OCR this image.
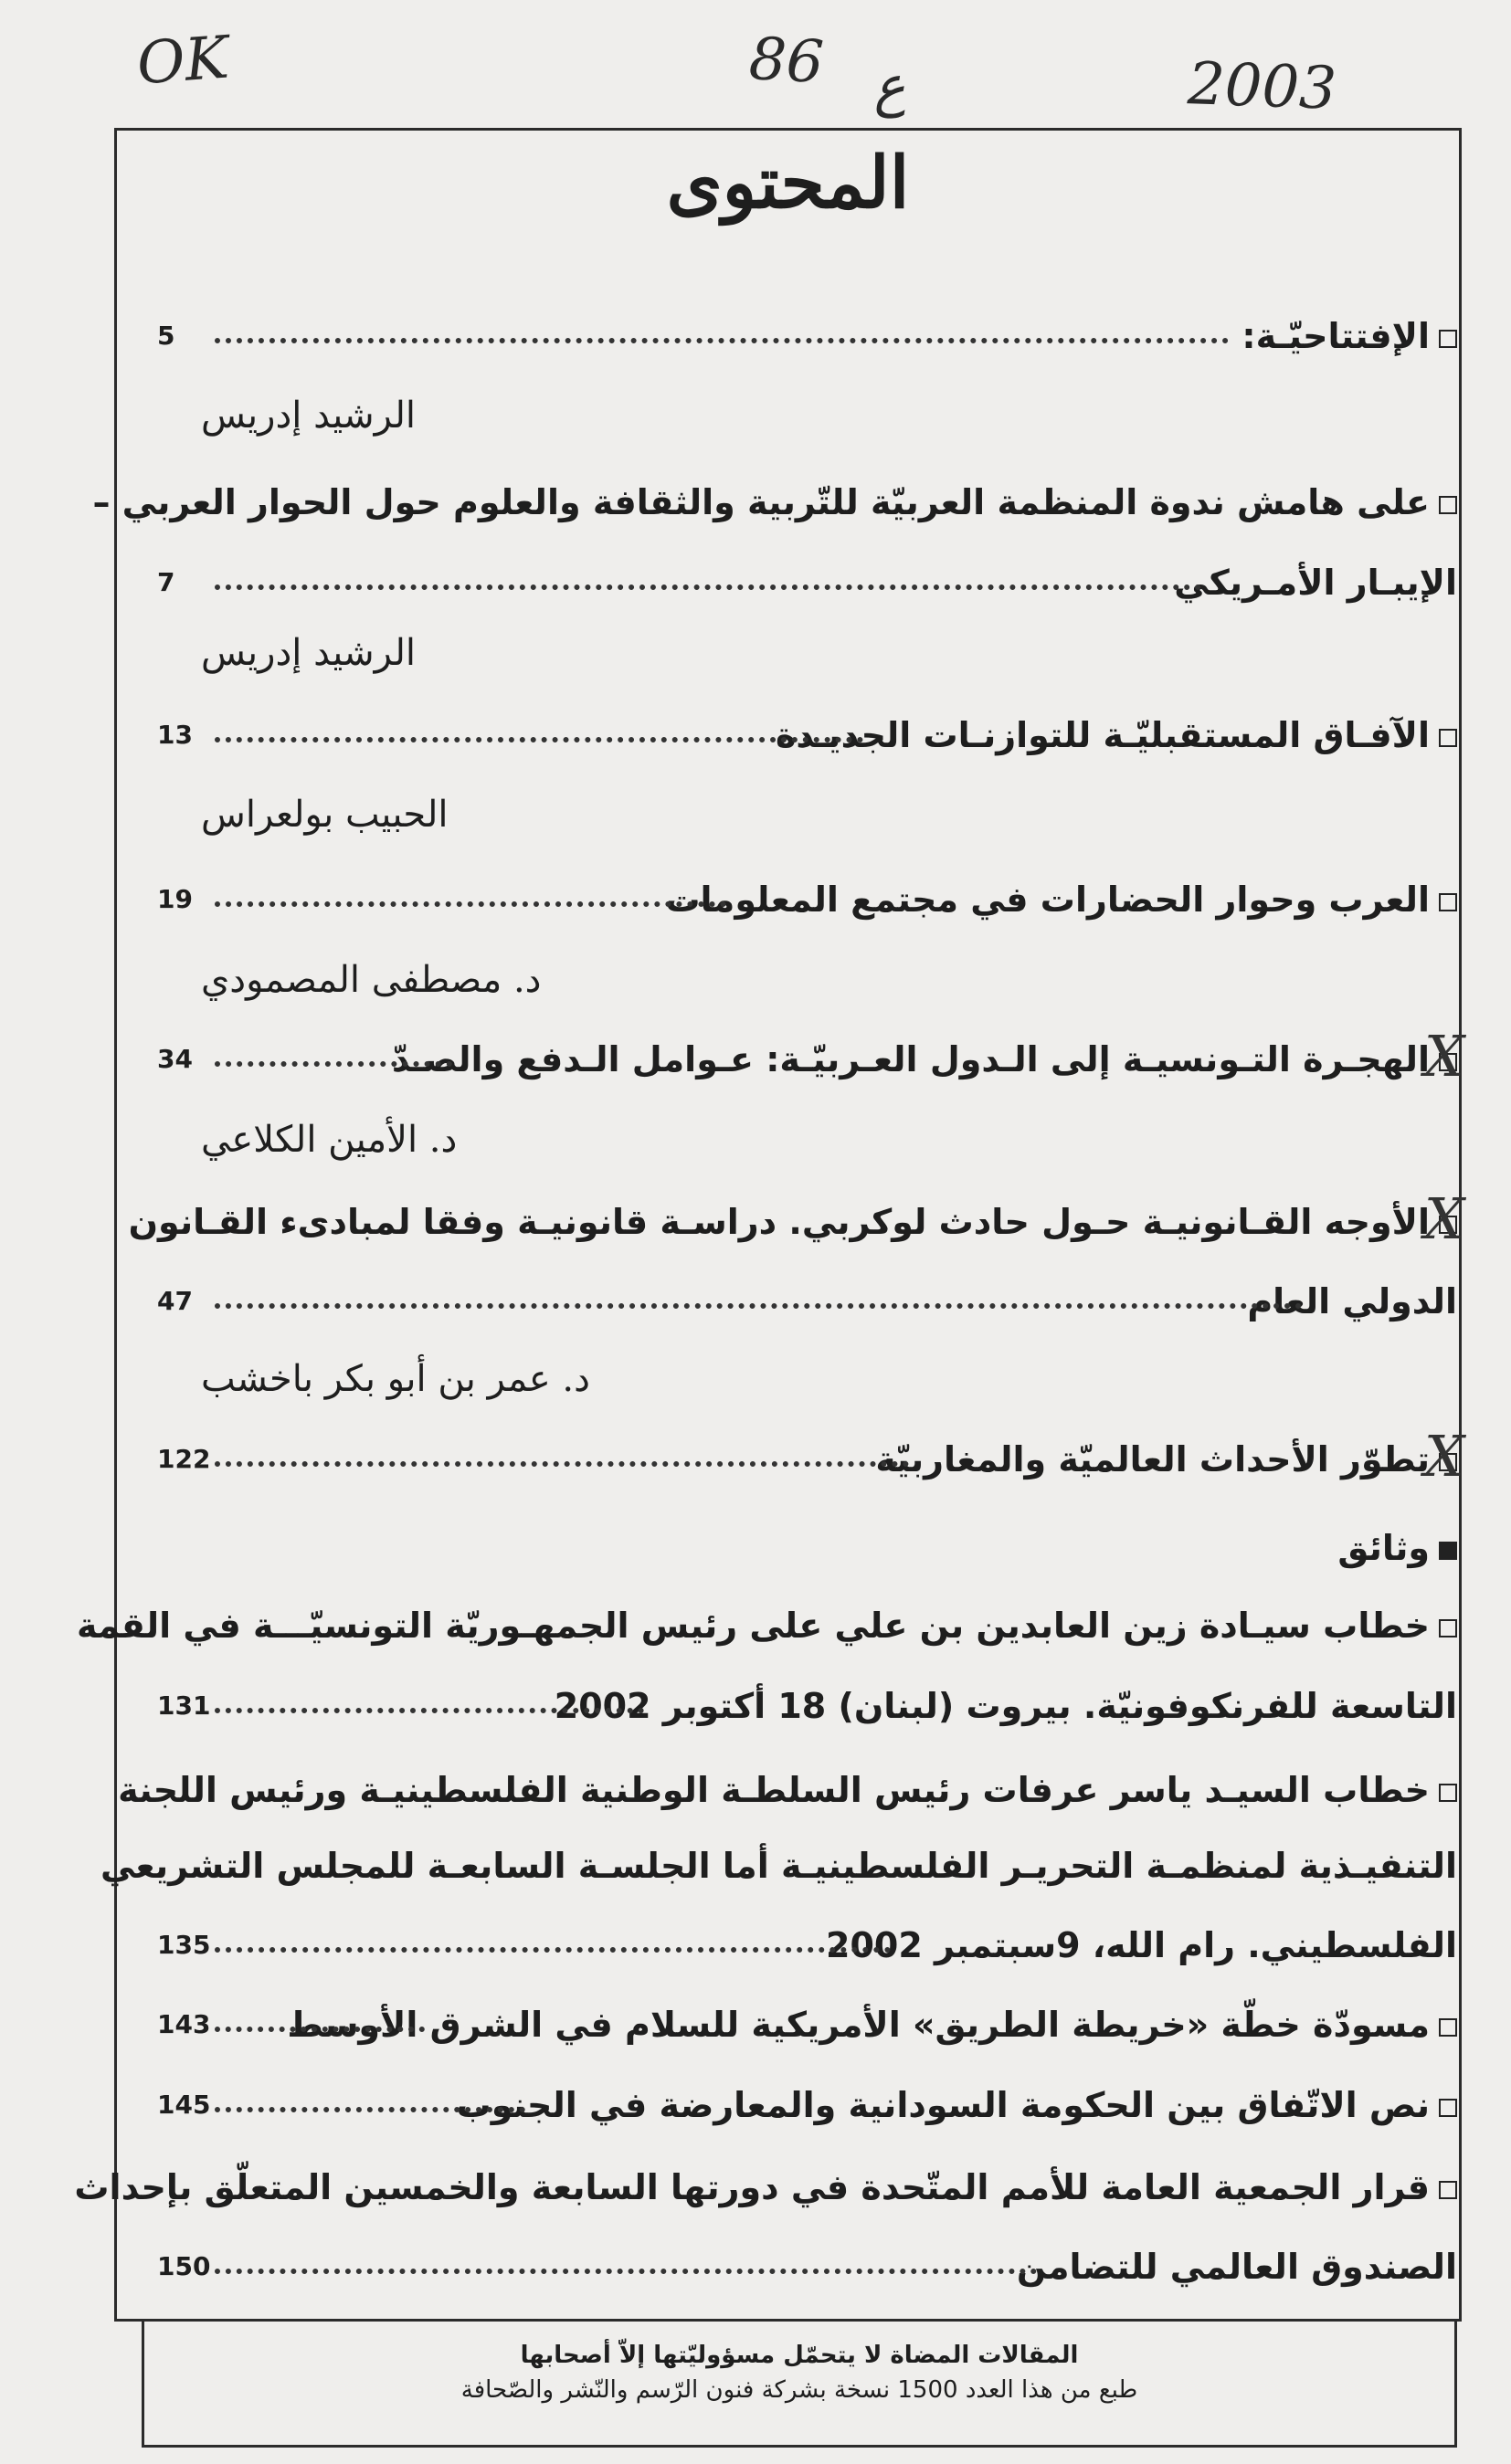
OK	86 ع	2003
المحتوى
الإفتتاحيّـة:
5
الرشيد إدريس
على هامش ندوة المنظمة العربيّة للتّربية والثقافة والعلوم حول الحوار العربي –
الإيبـار الأمـريكي
7
الرشيد إدريس
الآفـاق المستقبليّـة للتوازنـات الجديـدة
13
الحبيب بولعراس
العرب وحوار الحضارات في مجتمع المعلومات
19
د. مصطفى المصمودي
الهجـرة التـونسيـة إلى الـدول العـربيّـة: عـوامل الـدفع والصـدّ
X
34
د. الأمين الكلاعي
الأوجه القـانونيـة حـول حادث لوكربي. دراسـة قانونيـة وفقا لمبادىء القـانون
X
الدولي العام
47
د. عمر بن أبو بكر باخشب
تطوّر الأحداث العالميّة والمغاربيّة
X
122
وثائق
خطاب سيـادة زين العابدين بن علي على رئيس الجمهـوريّة التونسيّـــة في القمة
التاسعة للفرنكوفونيّة. بيروت (لبنان) 18 أكتوبر 2002
131
خطاب السيـد ياسر عرفات رئيس السلطـة الوطنية الفلسطينيـة ورئيس اللجنة
التنفيـذية لمنظمـة التحريـر الفلسطينيـة أما الجلسـة السابعـة للمجلس التشريعي
الفلسطيني. رام الله، 9سبتمبر 2002
135
مسودّة خطّة «خريطة الطريق» الأمريكية للسلام في الشرق الأوسط
143
نص الاتّفاق بين الحكومة السودانية والمعارضة في الجنوب
145
قرار الجمعية العامة للأمم المتّحدة في دورتها السابعة والخمسين المتعلّق بإحداث
الصندوق العالمي للتضامن
150
المقالات المضاة لا يتحمّل مسؤوليّتها إلاّ أصحابها
طبع من هذا العدد 1500 نسخة بشركة فنون الرّسم والنّشر والصّحافة
